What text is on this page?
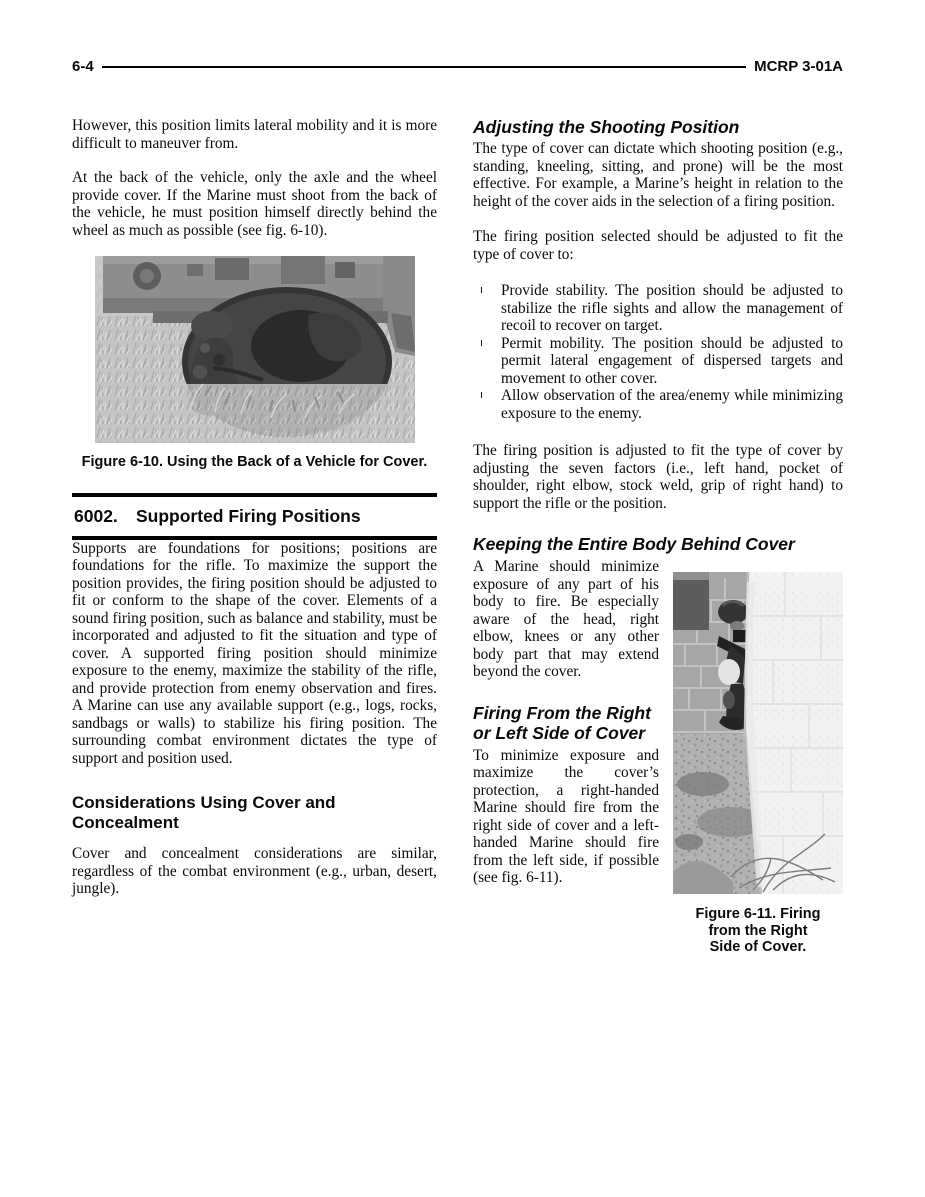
6-4	MCRP 3-01A

However, this position limits lateral mobility and it is more difficult to maneuver from.

At the back of the vehicle, only the axle and the wheel provide cover. If the Marine must shoot from the back of the vehicle, he must position himself directly behind the wheel as much as possible (see fig. 6-10).

Figure 6-10. Using the Back of a Vehicle for Cover.

6002.	Supported Firing Positions

Supports are foundations for positions; positions are foundations for the rifle. To maximize the support the position provides, the firing position should be adjusted to fit or conform to the shape of the cover. Elements of a sound firing position, such as balance and stability, must be incorporated and adjusted to fit the situation and type of cover. A supported firing position should minimize exposure to the enemy, maximize the stability of the rifle, and provide protection from enemy observation and fires. A Marine can use any available support (e.g., logs, rocks, sandbags or walls) to stabilize his firing position. The surrounding combat environment dictates the type of support and position used.

Considerations Using Cover and Concealment

Cover and concealment considerations are similar, regardless of the combat environment (e.g., urban, desert, jungle).

Adjusting the Shooting Position

The type of cover can dictate which shooting position (e.g., standing, kneeling, sitting, and prone) will be the most effective. For example, a Marine’s height in relation to the height of the cover aids in the selection of a firing position.

The firing position selected should be adjusted to fit the type of cover to:

ı	Provide stability. The position should be adjusted to stabilize the rifle sights and allow the management of recoil to recover on target.
ı	Permit mobility. The position should be adjusted to permit lateral engagement of dispersed targets and movement to other cover.
ı	Allow observation of the area/enemy while minimizing exposure to the enemy.

The firing position is adjusted to fit the type of cover by adjusting the seven factors (i.e., left hand, pocket of shoulder, right elbow, stock weld, grip of right hand) to support the rifle or the position.

Keeping the Entire Body Behind Cover
Figure 6-11. Firing
from the Right
Side of Cover.

A Marine should minimize exposure of any part of his body to fire. Be especially aware of the head, right elbow, knees or any other body part that may extend beyond the cover.

Firing From the Right or Left Side of Cover

To minimize exposure and maximize the cover’s protection, a right-handed Marine should fire from the right side of cover and a left-handed Marine should fire from the left side, if possible (see fig. 6-11).
